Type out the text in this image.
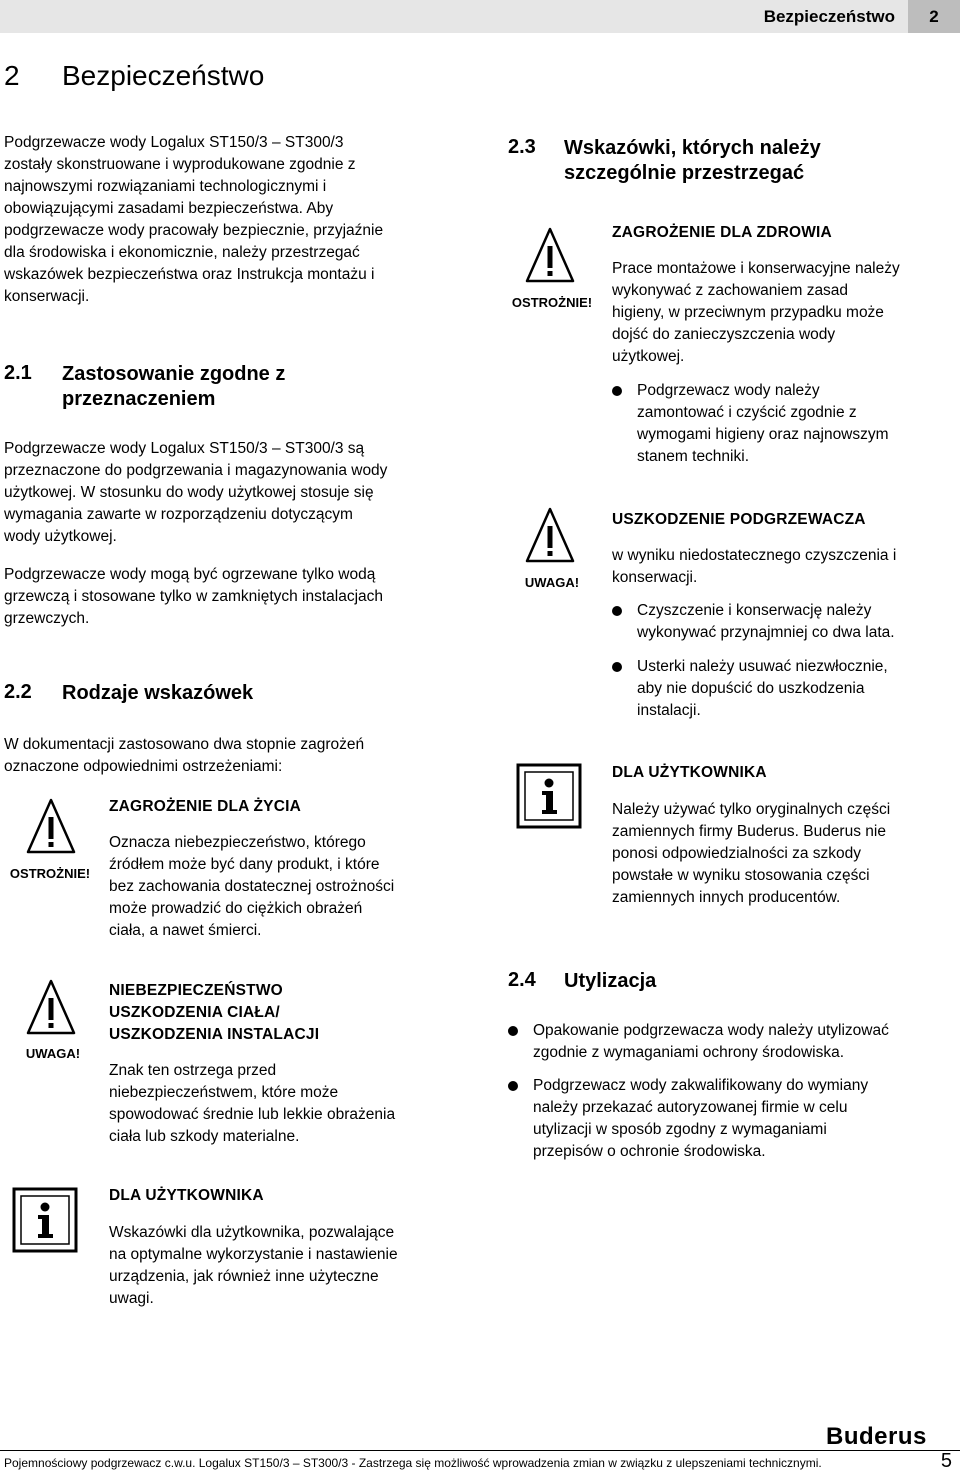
Bezpieczeństwo	2
2 Bezpieczeństwo
Podgrzewacze wody Logalux ST150/3 – ST300/3
zostały skonstruowane i wyprodukowane zgodnie z
najnowszymi rozwiązaniami technologicznymi i
obowiązującymi zasadami bezpieczeństwa. Aby
podgrzewacze wody pracowały bezpiecznie, przyjaźnie
dla środowiska i ekonomicznie, należy przestrzegać
wskazówek bezpieczeństwa oraz Instrukcja montażu i
konserwacji.
2.1 Zastosowanie zgodne z
przeznaczeniem
Podgrzewacze wody Logalux ST150/3 – ST300/3 są
przeznaczone do podgrzewania i magazynowania wody
użytkowej. W stosunku do wody użytkowej stosuje się
wymagania zawarte w rozporządzeniu dotyczącym
wody użytkowej.
Podgrzewacze wody mogą być ogrzewane tylko wodą
grzewczą i stosowane tylko w zamkniętych instalacjach
grzewczych.
2.2 Rodzaje wskazówek
W dokumentacji zastosowano dwa stopnie zagrożeń
oznaczone odpowiednimi ostrzeżeniami:
OSTROŻNIE!
ZAGROŻENIE DLA ŻYCIA
Oznacza niebezpieczeństwo, którego
źródłem może być dany produkt, i które
bez zachowania dostatecznej ostrożności
może prowadzić do ciężkich obrażeń
ciała, a nawet śmierci.
UWAGA!
NIEBEZPIECZEŃSTWO
USZKODZENIA CIAŁA/
USZKODZENIA INSTALACJI
Znak ten ostrzega przed
niebezpieczeństwem, które może
spowodować średnie lub lekkie obrażenia
ciała lub szkody materialne.
DLA UŻYTKOWNIKA
Wskazówki dla użytkownika, pozwalające
na optymalne wykorzystanie i nastawienie
urządzenia, jak również inne użyteczne
uwagi.
2.3 Wskazówki, których należy
szczególnie przestrzegać
OSTROŻNIE!
ZAGROŻENIE DLA ZDROWIA
Prace montażowe i konserwacyjne należy
wykonywać z zachowaniem zasad
higieny, w przeciwnym przypadku może
dojść do zanieczyszczenia wody
użytkowej.
Podgrzewacz wody należy
zamontować i czyścić zgodnie z
wymogami higieny oraz najnowszym
stanem techniki.
UWAGA!
USZKODZENIE PODGRZEWACZA
w wyniku niedostatecznego czyszczenia i
konserwacji.
Czyszczenie i konserwację należy
wykonywać przynajmniej co dwa lata.
Usterki należy usuwać niezwłocznie,
aby nie dopuścić do uszkodzenia
instalacji.
DLA UŻYTKOWNIKA
Należy używać tylko oryginalnych części
zamiennych firmy Buderus. Buderus nie
ponosi odpowiedzialności za szkody
powstałe w wyniku stosowania części
zamiennych innych producentów.
2.4 Utylizacja
Opakowanie podgrzewacza wody należy utylizować
zgodnie z wymaganiami ochrony środowiska.
Podgrzewacz wody zakwalifikowany do wymiany
należy przekazać autoryzowanej firmie w celu
utylizacji w sposób zgodny z wymaganiami
przepisów o ochronie środowiska.
Buderus
Pojemnościowy podgrzewacz c.w.u. Logalux ST150/3 – ST300/3 - Zastrzega się możliwość wprowadzenia zmian w związku z ulepszeniami technicznymi.	5
